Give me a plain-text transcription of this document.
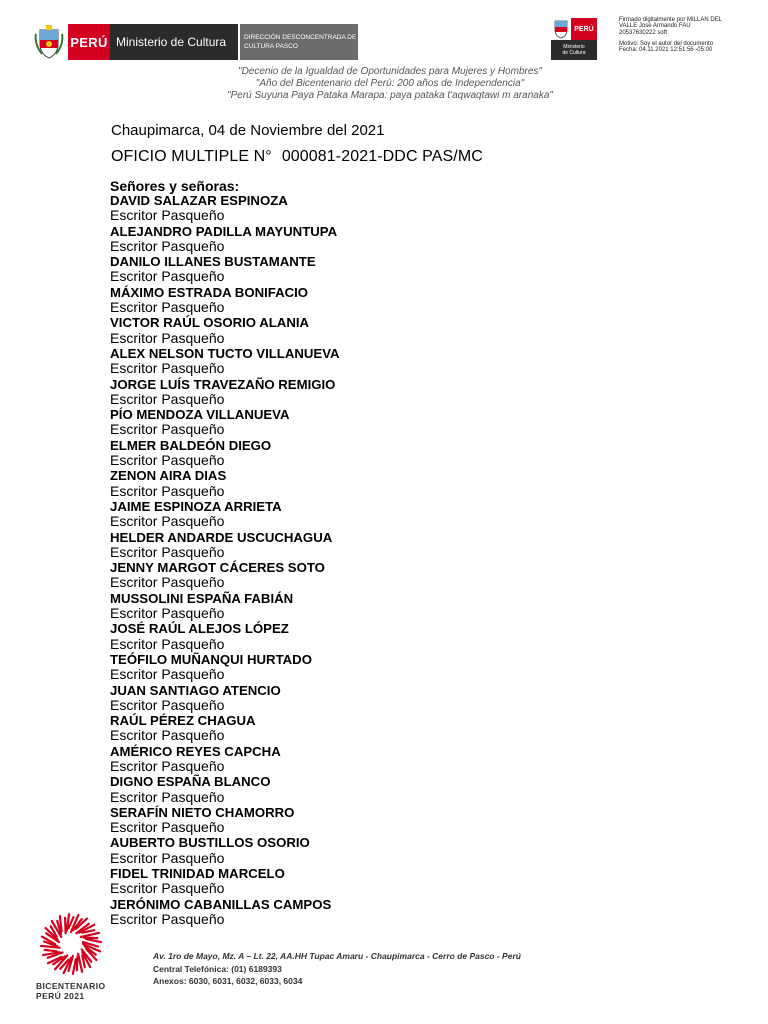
PERÚ Ministerio de Cultura	DIRECCIÓN DESCONCENTRADA DE
CULTURA PASCO
PERÚ
Ministerio
de Cultura
Firmado digitalmente por MILLAN DEL
VALLE Jose Armando FAU
20537630222 soft
Motivo: Soy el autor del documento
Fecha: 04.11.2021 12:51:56 -05:00
"Decenio de la Igualdad de Oportunidades para Mujeres y Hombres"
"Año del Bicentenario del Perú: 200 años de Independencia"
"Perú Suyuna Paya Pataka Marapa: paya pataka t'aqwaqtawi m aranaka"
Chaupimarca, 04 de Noviembre del 2021
OFICIO MULTIPLE N° 000081-2021-DDC PAS/MC
Señores y señoras:
DAVID SALAZAR ESPINOZA
Escritor Pasqueño
ALEJANDRO PADILLA MAYUNTUPA
Escritor Pasqueño
DANILO ILLANES BUSTAMANTE
Escritor Pasqueño
MÁXIMO ESTRADA BONIFACIO
Escritor Pasqueño
VICTOR RAÚL OSORIO ALANIA
Escritor Pasqueño
ALEX NELSON TUCTO VILLANUEVA
Escritor Pasqueño
JORGE LUÍS TRAVEZAÑO REMIGIO
Escritor Pasqueño
PÍO MENDOZA VILLANUEVA
Escritor Pasqueño
ELMER BALDEÓN DIEGO
Escritor Pasqueño
ZENON AIRA DIAS
Escritor Pasqueño
JAIME ESPINOZA ARRIETA
Escritor Pasqueño
HELDER ANDARDE USCUCHAGUA
Escritor Pasqueño
JENNY MARGOT CÁCERES SOTO
Escritor Pasqueño
MUSSOLINI ESPAÑA FABIÁN
Escritor Pasqueño
JOSÉ RAÚL ALEJOS LÓPEZ
Escritor Pasqueño
TEÓFILO MUÑANQUI HURTADO
Escritor Pasqueño
JUAN SANTIAGO ATENCIO
Escritor Pasqueño
RAÚL PÉREZ CHAGUA
Escritor Pasqueño
AMÉRICO REYES CAPCHA
Escritor Pasqueño
DIGNO ESPAÑA BLANCO
Escritor Pasqueño
SERAFÍN NIETO CHAMORRO
Escritor Pasqueño
AUBERTO BUSTILLOS OSORIO
Escritor Pasqueño
FIDEL TRINIDAD MARCELO
Escritor Pasqueño
JERÓNIMO CABANILLAS CAMPOS
Escritor Pasqueño
BICENTENARIO
PERÚ 2021
Av. 1ro de Mayo, Mz. A – Lt. 22, AA.HH Tupac Amaru - Chaupimarca - Cerro de Pasco - Perú
Central Telefónica: (01) 6189393
Anexos: 6030, 6031, 6032, 6033, 6034
